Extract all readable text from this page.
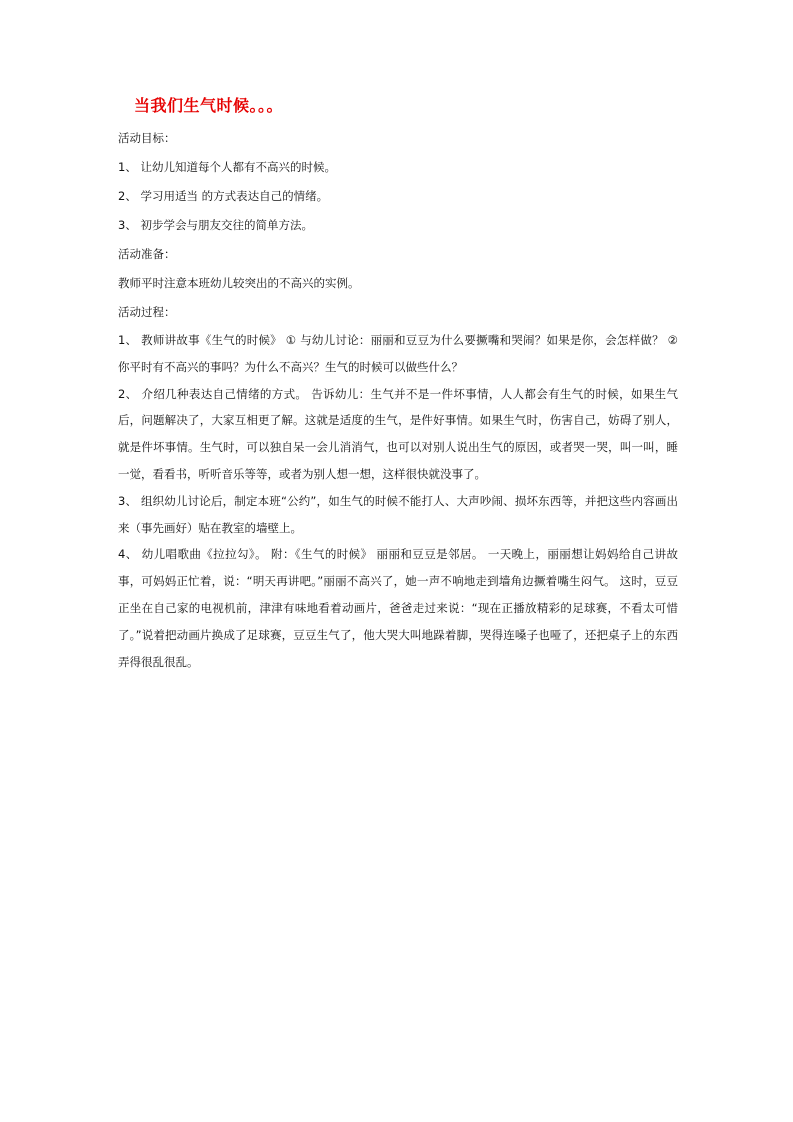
当我们生气时候。。。

活动目标：

1、 让幼儿知道每个人都有不高兴的时候。

2、 学习用适当 的方式表达自己的情绪。

3、 初步学会与朋友交往的简单方法。

活动准备：

教师平时注意本班幼儿较突出的不高兴的实例。

活动过程：

1、 教师讲故事《生气的时候》 ① 与幼儿讨论：丽丽和豆豆为什么要撅嘴和哭闹？如果是你，会怎样做？ ② 你平时有不高兴的事吗？为什么不高兴？生气的时候可以做些什么？

2、 介绍几种表达自己情绪的方式。 告诉幼儿：生气并不是一件坏事情，人人都会有生气的时候，如果生气后，问题解决了，大家互相更了解。这就是适度的生气，是件好事情。如果生气时，伤害自己，妨碍了别人，就是件坏事情。生气时，可以独自呆一会儿消消气，也可以对别人说出生气的原因，或者哭一哭，叫一叫，睡一觉，看看书，听听音乐等等，或者为别人想一想，这样很快就没事了。

3、 组织幼儿讨论后，制定本班“公约”，如生气的时候不能打人、大声吵闹、损坏东西等，并把这些内容画出来（事先画好）贴在教室的墙壁上。

4、 幼儿唱歌曲《拉拉勾》。 附：《生气的时候》 丽丽和豆豆是邻居。 一天晚上，丽丽想让妈妈给自己讲故事，可妈妈正忙着，说：“明天再讲吧。”丽丽不高兴了，她一声不响地走到墙角边撅着嘴生闷气。 这时，豆豆正坐在自己家的电视机前，津津有味地看着动画片，爸爸走过来说：“现在正播放精彩的足球赛，不看太可惜了。”说着把动画片换成了足球赛，豆豆生气了，他大哭大叫地跺着脚，哭得连嗓子也哑了，还把桌子上的东西弄得很乱很乱。
